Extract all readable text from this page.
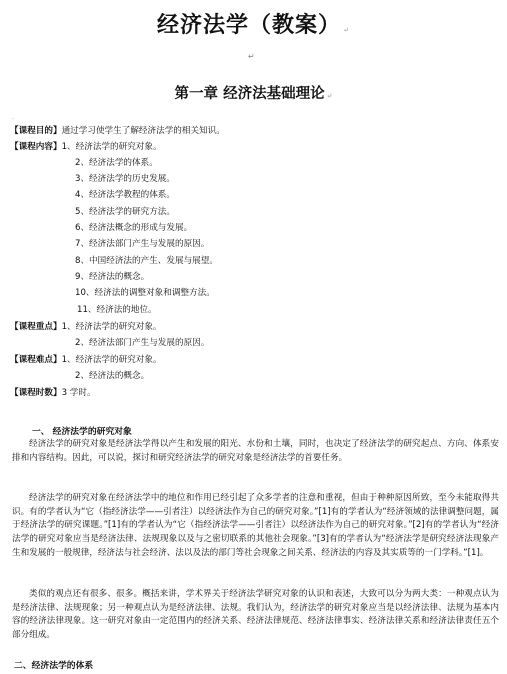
经济法学（教案） ↵
↵
第一章 经济法基础理论 ↵
·
【课程目的】通过学习使学生了解经济法学的相关知识。
【课程内容】1、经济法学的研究对象。
2、经济法学的体系。
3、经济法学的历史发展。
4、经济法学教程的体系。
5、经济法学的研究方法。
6、经济法概念的形成与发展。
7、经济法部门产生与发展的原因。
8、中国经济法的产生、发展与展望。
9、经济法的概念。
10、经济法的调整对象和调整方法。
11、经济法的地位。
【课程重点】1、经济法学的研究对象。
2、经济法部门产生与发展的原因。
【课程难点】1、经济法学的研究对象。
2、经济法的概念。
【课程时数】3 学时。
一、 经济法学的研究对象
经济法学的研究对象是经济法学得以产生和发展的阳光、水份和土壤，同时，也决定了经济法学的研究起点、方向、体系安排和内容结构。因此，可以说，探讨和研究经济法学的研究对象是经济法学的首要任务。
经济法学的研究对象在经济法学中的地位和作用已经引起了众多学者的注意和重视，但由于种种原因所致，至今未能取得共识。有的学者认为“它（指经济法学——引者注）以经济法作为自己的研究对象。”[1]有的学者认为“经济领域的法律调整问题，属于经济法学的研究课题。”[1]有的学者认为“它（指经济法学——引者注）以经济法作为自己的研究对象。”[2]有的学者认为“经济法学的研究对象应当是经济法律、法规现象以及与之密切联系的其他社会现象。”[3]有的学者认为“经济法学是研究经济法现象产生和发展的一般规律，经济法与社会经济、法以及法的部门等社会现象之间关系、经济法的内容及其实质等的一门学科。”[1]。
类似的观点还有很多、很多。概括来讲，学术界关于经济法学研究对象的认识和表述，大致可以分为两大类：一种观点认为是经济法律、法规现象；另一种观点认为是经济法律、法规。我们认为，经济法学的研究对象应当是以经济法律、法规为基本内容的经济法律现象。这一研究对象由一定范围内的经济关系、经济法律规范、经济法律事实、经济法律关系和经济法律责任五个部分组成。
二、经济法学的体系
